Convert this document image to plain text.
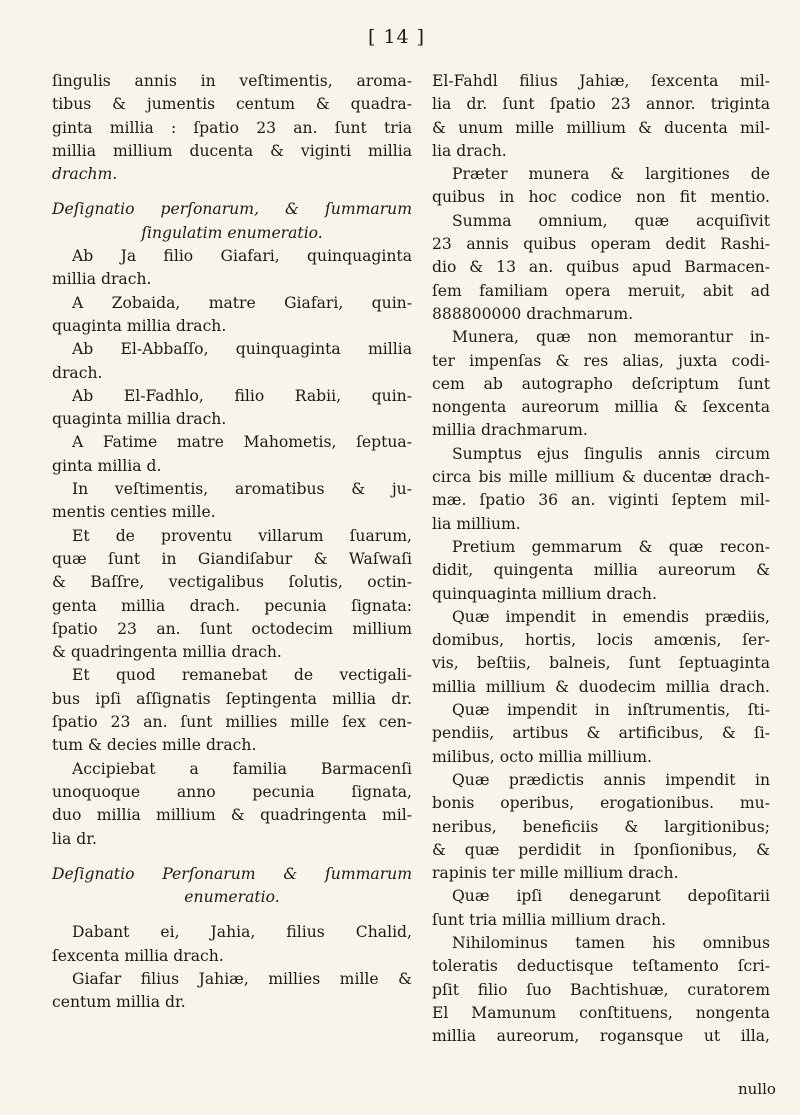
[ 14 ]

ſingulis annis in veſtimentis, aroma-

tibus & jumentis centum & quadra-

ginta millia : ſpatio 23 an. ſunt tria

millia millium ducenta & viginti millia

drachm.

Deſignatio perſonarum, & ſummarum

ſingulatim enumeratio.

Ab Ja filio Giafari, quinquaginta

millia drach.

A Zobaida, matre Giafari, quin-

quaginta millia drach.

Ab El-Abbaſſo, quinquaginta millia

drach.

Ab El-Fadhlo, filio Rabii, quin-

quaginta millia drach.

A Fatime matre Mahometis, ſeptua-

ginta millia d.

In veſtimentis, aromatibus & ju-

mentis centies mille.

Et de proventu villarum ſuarum,

quæ ſunt in Giandiſabur & Waſwaſi

& Baſſre, vectigalibus ſolutis, octin-

genta millia drach. pecunia ſignata:

ſpatio 23 an. ſunt octodecim millium

& quadringenta millia drach.

Et quod remanebat de vectigali-

bus ipſi aſſignatis ſeptingenta millia dr.

ſpatio 23 an. ſunt millies mille ſex cen-

tum & decies mille drach.

Accipiebat a familia Barmacenſi

unoquoque anno pecunia ſignata,

duo millia millium & quadringenta mil-

lia dr.

Deſignatio Perſonarum & ſummarum

enumeratio.

Dabant ei, Jahia, filius Chalid,

ſexcenta millia drach.

Giafar filius Jahiæ, millies mille &

centum millia dr.

El-Fahdl filius Jahiæ, ſexcenta mil-

lia dr. ſunt ſpatio 23 annor. triginta

& unum mille millium & ducenta mil-

lia drach.

Præter munera & largitiones de

quibus in hoc codice non fit mentio.

Summa omnium, quæ acquiſivit

23 annis quibus operam dedit Rashi-

dio & 13 an. quibus apud Barmacen-

ſem familiam opera meruit, abit ad

888800000 drachmarum.

Munera, quæ non memorantur in-

ter impenſas & res alias, juxta codi-

cem ab autographo deſcriptum ſunt

nongenta aureorum millia & ſexcenta

millia drachmarum.

Sumptus ejus ſingulis annis circum

circa bis mille millium & ducentæ drach-

mæ. ſpatio 36 an. viginti ſeptem mil-

lia millium.

Pretium gemmarum & quæ recon-

didit, quingenta millia aureorum &

quinquaginta millium drach.

Quæ impendit in emendis prædiis,

domibus, hortis, locis amœnis, ſer-

vis, beſtiis, balneis, ſunt ſeptuaginta

millia millium & duodecim millia drach.

Quæ impendit in inſtrumentis, ſti-

pendiis, artibus & artificibus, & ſi-

milibus, octo millia millium.

Quæ prædictis annis impendit in

bonis operibus, erogationibus. mu-

neribus, beneficiis & largitionibus;

& quæ perdidit in ſponſionibus, &

rapinis ter mille millium drach.

Quæ ipſi denegarunt depoſitarii

ſunt tria millia millium drach.

Nihilominus tamen his omnibus

toleratis deductisque teſtamento ſcri-

pſit filio ſuo Bachtishuæ, curatorem

El Mamunum conſtituens, nongenta

millia aureorum, rogansque ut illa,

nullo
